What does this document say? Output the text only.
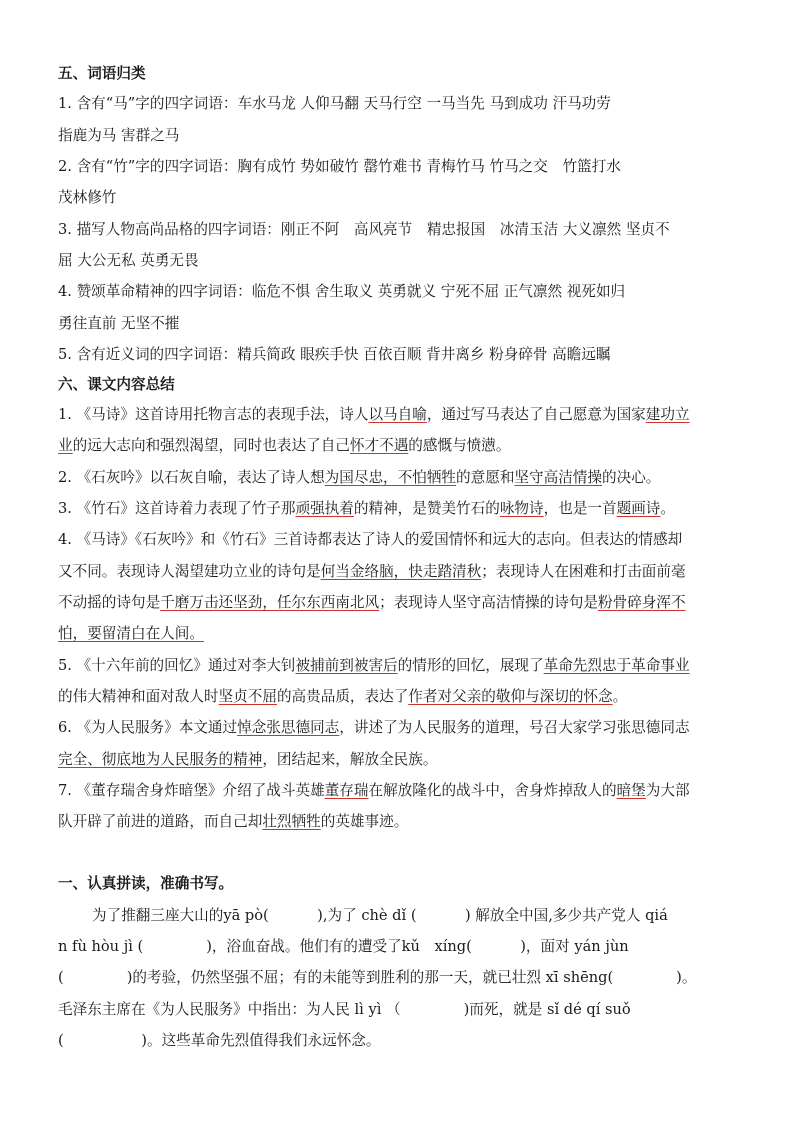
五、词语归类
1. 含有“马”字的四字词语：车水马龙 人仰马翻 天马行空 一马当先 马到成功 汗马功劳
指鹿为马 害群之马
2. 含有“竹”字的四字词语：胸有成竹 势如破竹 罄竹难书 青梅竹马 竹马之交　竹篮打水
茂林修竹
3. 描写人物高尚品格的四字词语：刚正不阿　高风亮节　精忠报国　冰清玉洁 大义凛然 坚贞不
屈 大公无私 英勇无畏
4. 赞颂革命精神的四字词语：临危不惧 舍生取义 英勇就义 宁死不屈 正气凛然 视死如归
勇往直前 无坚不摧
5. 含有近义词的四字词语：精兵简政 眼疾手快 百依百顺 背井离乡 粉身碎骨 高瞻远瞩
六、课文内容总结
1. 《马诗》这首诗用托物言志的表现手法，诗人以马自喻，通过写马表达了自己愿意为国家建功立
业的远大志向和强烈渴望，同时也表达了自己怀才不遇的感慨与愤懑。
2. 《石灰吟》以石灰自喻，表达了诗人想为国尽忠，不怕牺牲的意愿和坚守高洁情操的决心。
3. 《竹石》这首诗着力表现了竹子那顽强执着的精神，是赞美竹石的咏物诗，也是一首题画诗。
4. 《马诗》《石灰吟》和《竹石》三首诗都表达了诗人的爱国情怀和远大的志向。但表达的情感却
又不同。表现诗人渴望建功立业的诗句是何当金络脑，快走踏清秋；表现诗人在困难和打击面前毫
不动摇的诗句是千磨万击还坚劲，任尔东西南北风；表现诗人坚守高洁情操的诗句是粉骨碎身浑不
怕，要留清白在人间。
5. 《十六年前的回忆》通过对李大钊被捕前到被害后的情形的回忆，展现了革命先烈忠于革命事业
的伟大精神和面对敌人时坚贞不屈的高贵品质，表达了作者对父亲的敬仰与深切的怀念。
6. 《为人民服务》本文通过悼念张思德同志，讲述了为人民服务的道理，号召大家学习张思德同志
完全、彻底地为人民服务的精神，团结起来，解放全民族。
7. 《董存瑞舍身炸暗堡》介绍了战斗英雄董存瑞在解放隆化的战斗中，舍身炸掉敌人的暗堡为大部
队开辟了前进的道路，而自己却壮烈牺牲的英雄事迹。
一、认真拼读，准确书写。
为了推翻三座大山的yā pò(　　　 ),为了 chè dǐ (　　　 ) 解放全中国,多少共产党人 qiá
n fù hòu jì (　　　　 )，浴血奋战。他们有的遭受了kǔ　xíng(　　　 )，面对 yán jùn
(　　　　 )的考验，仍然坚强不屈；有的未能等到胜利的那一天，就已壮烈 xī shēng(　　　　 )。
毛泽东主席在《为人民服务》中指出：为人民 lì yì （　　　　 )而死，就是 sǐ dé qí suǒ
(　　　　　 )。这些革命先烈值得我们永远怀念。
